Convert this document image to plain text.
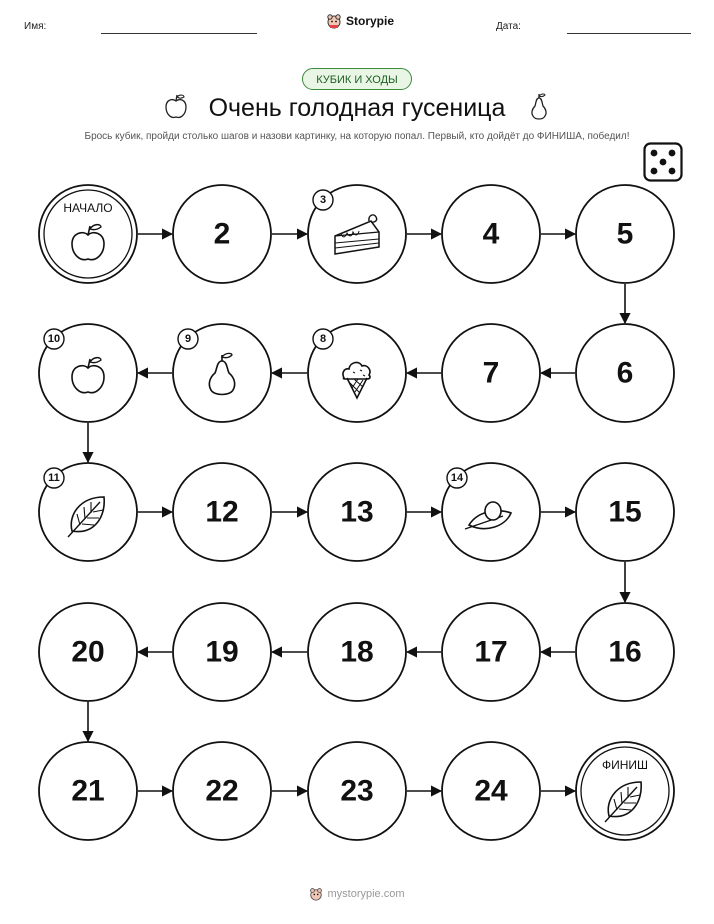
Имя:	Storypie	Дата:
КУБИК И ХОДЫ
Очень голодная гусеница
Брось кубик, пройди столько шагов и назови картинку, на которую попал. Первый, кто дойдёт до ФИНИША, победил!
НАЧАЛО
2
3
4	5
6
7
8
9
10
11
12	13
14
15
16
17
18
19
20
21	22	23	24
ФИНИШ
mystorypie.com
